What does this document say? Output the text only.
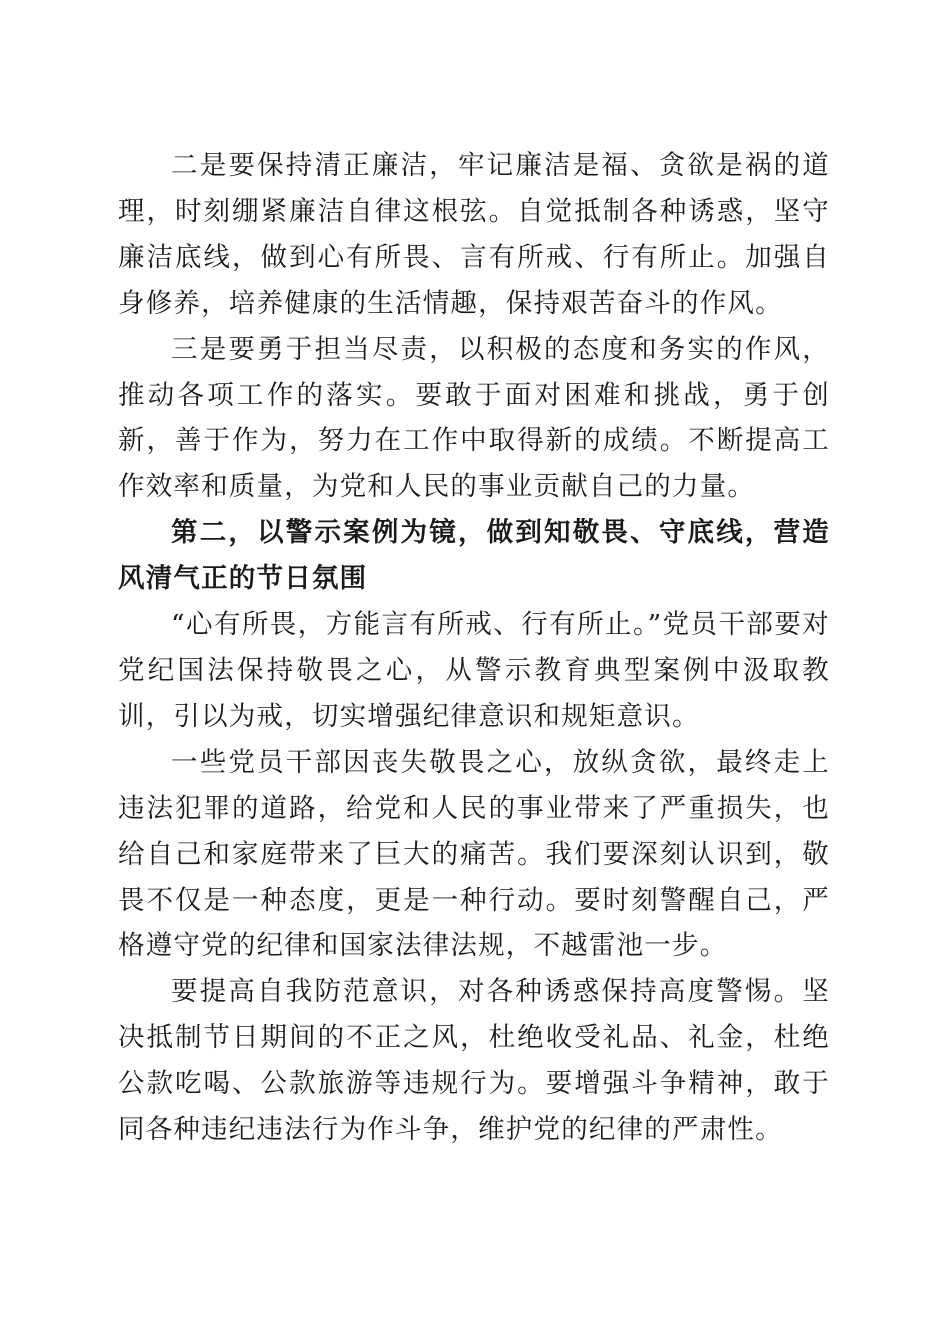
二是要保持清正廉洁，牢记廉洁是福、贪欲是祸的道理，时刻绷紧廉洁自律这根弦。自觉抵制各种诱惑，坚守廉洁底线，做到心有所畏、言有所戒、行有所止。加强自身修养，培养健康的生活情趣，保持艰苦奋斗的作风。

三是要勇于担当尽责，以积极的态度和务实的作风，推动各项工作的落实。要敢于面对困难和挑战，勇于创新，善于作为，努力在工作中取得新的成绩。不断提高工作效率和质量，为党和人民的事业贡献自己的力量。

第二，以警示案例为镜，做到知敬畏、守底线，营造风清气正的节日氛围

“心有所畏，方能言有所戒、行有所止。”党员干部要对党纪国法保持敬畏之心，从警示教育典型案例中汲取教训，引以为戒，切实增强纪律意识和规矩意识。

一些党员干部因丧失敬畏之心，放纵贪欲，最终走上违法犯罪的道路，给党和人民的事业带来了严重损失，也给自己和家庭带来了巨大的痛苦。我们要深刻认识到，敬畏不仅是一种态度，更是一种行动。要时刻警醒自己，严格遵守党的纪律和国家法律法规，不越雷池一步。

要提高自我防范意识，对各种诱惑保持高度警惕。坚决抵制节日期间的不正之风，杜绝收受礼品、礼金，杜绝公款吃喝、公款旅游等违规行为。要增强斗争精神，敢于同各种违纪违法行为作斗争，维护党的纪律的严肃性。
